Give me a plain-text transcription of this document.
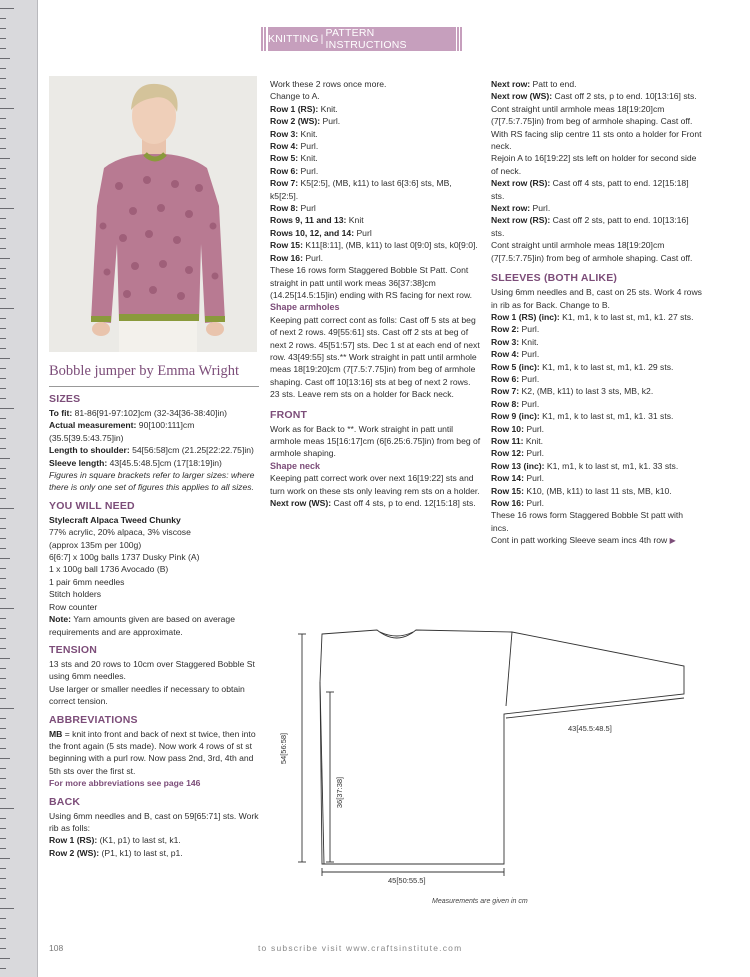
KNITTING | PATTERN INSTRUCTIONS
Bobble jumper by Emma Wright
SIZES

To fit: 81-86[91-97:102]cm (32-34[36-38:40]in)

Actual measurement: 90[100:111]cm (35.5[39.5:43.75]in)

Length to shoulder: 54[56:58]cm (21.25[22:22.75]in)

Sleeve length: 43[45.5:48.5]cm (17[18:19]in)

Figures in square brackets refer to larger sizes: where there is only one set of figures this applies to all sizes.

YOU WILL NEED

Stylecraft Alpaca Tweed Chunky

77% acrylic, 20% alpaca, 3% viscose

(approx 135m per 100g)

6[6:7] x 100g balls 1737 Dusky Pink (A)

1 x 100g ball 1736 Avocado (B)

1 pair 6mm needles

Stitch holders

Row counter

Note: Yarn amounts given are based on average requirements and are approximate.

TENSION

13 sts and 20 rows to 10cm over Staggered Bobble St using 6mm needles.

Use larger or smaller needles if necessary to obtain correct tension.

ABBREVIATIONS

MB = knit into front and back of next st twice, then into the front again (5 sts made). Now work 4 rows of st st beginning with a purl row. Now pass 2nd, 3rd, 4th and 5th sts over the first st.

For more abbreviations see page 146

BACK

Using 6mm needles and B, cast on 59[65:71] sts. Work rib as folls:

Row 1 (RS): (K1, p1) to last st, k1.

Row 2 (WS): (P1, k1) to last st, p1.

Work these 2 rows once more.

Change to A.

Row 1 (RS): Knit.

Row 2 (WS): Purl.

Row 3: Knit.

Row 4: Purl.

Row 5: Knit.

Row 6: Purl.

Row 7: K5[2:5], (MB, k11) to last 6[3:6] sts, MB, k5[2:5].

Row 8: Purl

Rows 9, 11 and 13: Knit

Rows 10, 12, and 14: Purl

Row 15: K11[8:11], (MB, k11) to last 0[9:0] sts, k0[9:0].

Row 16: Purl.

These 16 rows form Staggered Bobble St Patt. Cont straight in patt until work meas 36[37:38]cm (14.25[14.5:15]in) ending with RS facing for next row.

Shape armholes

Keeping patt correct cont as folls: Cast off 5 sts at beg of next 2 rows. 49[55:61] sts. Cast off 2 sts at beg of next 2 rows. 45[51:57] sts. Dec 1 st at each end of next row. 43[49:55] sts.** Work straight in patt until armhole meas 18[19:20]cm (7[7.5:7.75]in) from beg of armhole shaping. Cast off 10[13:16] sts at beg of next 2 rows. 23 sts. Leave rem sts on a holder for Back neck.

FRONT

Work as for Back to **. Work straight in patt until armhole meas 15[16:17]cm (6[6.25:6.75]in) from beg of armhole shaping.

Shape neck

Keeping patt correct work over next 16[19:22] sts and turn work on these sts only leaving rem sts on a holder.

Next row (WS): Cast off 4 sts, p to end. 12[15:18] sts.

Next row: Patt to end.

Next row (WS): Cast off 2 sts, p to end. 10[13:16] sts.

Cont straight until armhole meas 18[19:20]cm (7[7.5:7.75]in) from beg of armhole shaping. Cast off.

With RS facing slip centre 11 sts onto a holder for Front neck.

Rejoin A to 16[19:22] sts left on holder for second side of neck.

Next row (RS): Cast off 4 sts, patt to end. 12[15:18] sts.

Next row: Purl.

Next row (RS): Cast off 2 sts, patt to end. 10[13:16] sts.

Cont straight until armhole meas 18[19:20]cm (7[7.5:7.75]in) from beg of armhole shaping. Cast off.

SLEEVES (BOTH ALIKE)

Using 6mm needles and B, cast on 25 sts. Work 4 rows in rib as for Back. Change to B.

Row 1 (RS) (inc): K1, m1, k to last st, m1, k1. 27 sts.

Row 2: Purl.

Row 3: Knit.

Row 4: Purl.

Row 5 (inc): K1, m1, k to last st, m1, k1. 29 sts.

Row 6: Purl.

Row 7: K2, (MB, k11) to last 3 sts, MB, k2.

Row 8: Purl.

Row 9 (inc): K1, m1, k to last st, m1, k1. 31 sts.

Row 10: Purl.

Row 11: Knit.

Row 12: Purl.

Row 13 (inc): K1, m1, k to last st, m1, k1. 33 sts.

Row 14: Purl.

Row 15: K10, (MB, k11) to last 11 sts, MB, k10.

Row 16: Purl.

These 16 rows form Staggered Bobble St patt with incs.

Cont in patt working Sleeve seam incs 4th row ▶

43[45.5:48.5]
54[56:58]
36[37:38]
45[50:55.5]
Measurements are given in cm
108	to subscribe visit www.craftsinstitute.com
